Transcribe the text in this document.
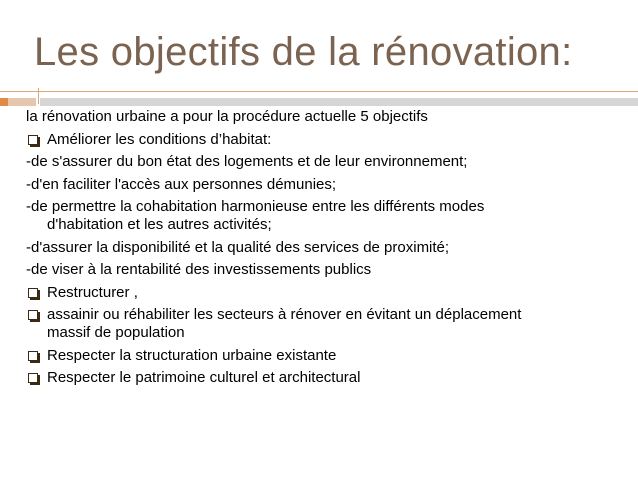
Les objectifs de la rénovation:
la rénovation urbaine a pour la procédure actuelle 5 objectifs
Améliorer les conditions d’habitat:
-de s'assurer du bon état des logements et de leur environnement;
-d'en faciliter l'accès aux personnes démunies;
-de permettre la cohabitation harmonieuse entre les différents modes
d'habitation et les autres activités;
-d'assurer la disponibilité et la qualité des services de proximité;
-de viser à la rentabilité des investissements publics
Restructurer ,
assainir ou réhabiliter les secteurs à rénover en évitant un déplacement
massif de population
Respecter la structuration urbaine existante
Respecter le patrimoine culturel et architectural
